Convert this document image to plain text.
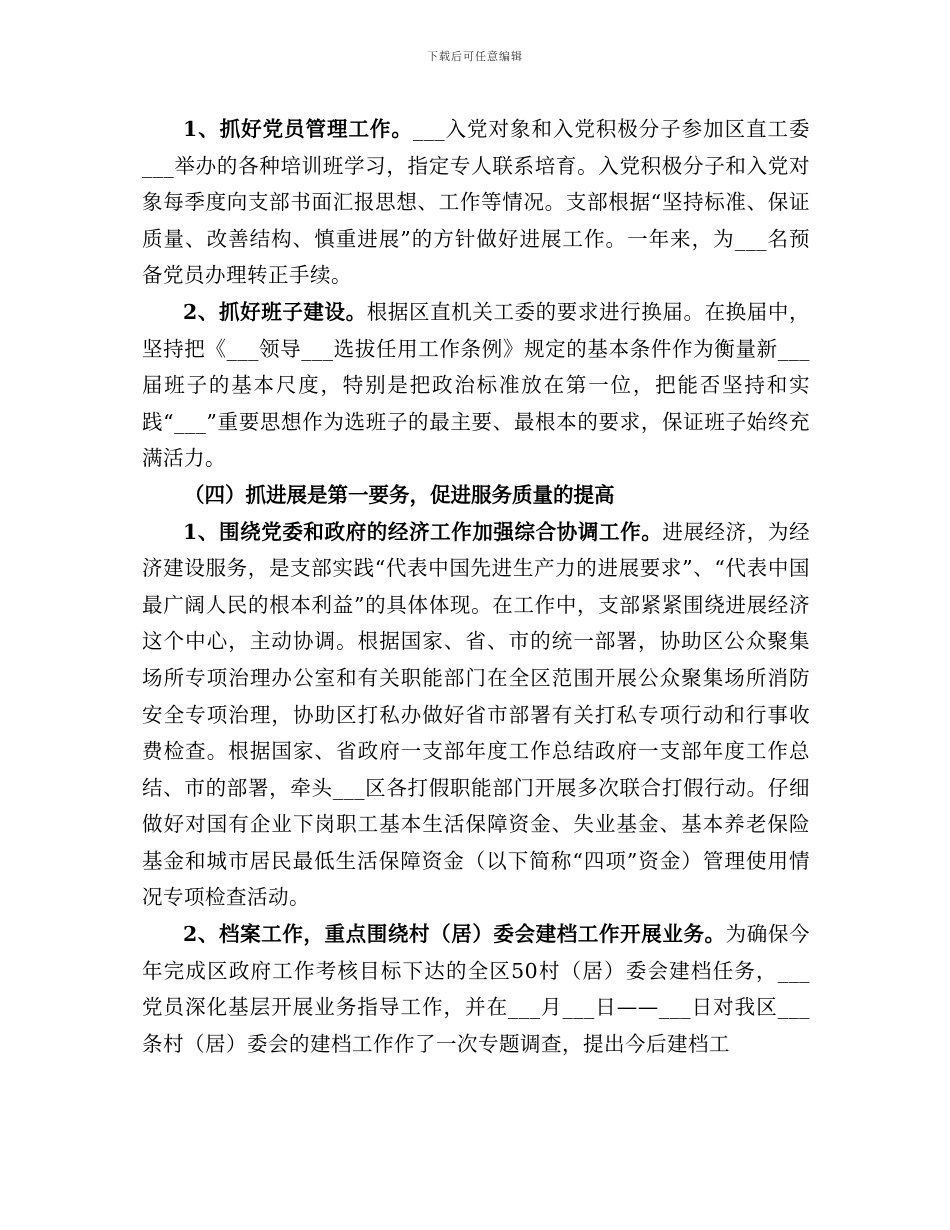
下载后可任意编辑

1、抓好党员管理工作。___入党对象和入党积极分子参加区直工委___举办的各种培训班学习，指定专人联系培育。入党积极分子和入党对象每季度向支部书面汇报思想、工作等情况。支部根据“坚持标准、保证质量、改善结构、慎重进展”的方针做好进展工作。一年来，为___名预备党员办理转正手续。

2、抓好班子建设。根据区直机关工委的要求进行换届。在换届中，坚持把《___领导___选拔任用工作条例》规定的基本条件作为衡量新___届班子的基本尺度，特别是把政治标准放在第一位，把能否坚持和实践“___”重要思想作为选班子的最主要、最根本的要求，保证班子始终充满活力。

（四）抓进展是第一要务，促进服务质量的提高

1、围绕党委和政府的经济工作加强综合协调工作。进展经济，为经济建设服务，是支部实践“代表中国先进生产力的进展要求”、“代表中国最广阔人民的根本利益”的具体体现。在工作中，支部紧紧围绕进展经济这个中心，主动协调。根据国家、省、市的统一部署，协助区公众聚集场所专项治理办公室和有关职能部门在全区范围开展公众聚集场所消防安全专项治理，协助区打私办做好省市部署有关打私专项行动和行事收费检查。根据国家、省政府一支部年度工作总结政府一支部年度工作总结、市的部署，牵头___区各打假职能部门开展多次联合打假行动。仔细做好对国有企业下岗职工基本生活保障资金、失业基金、基本养老保险基金和城市居民最低生活保障资金（以下简称“四项”资金）管理使用情况专项检查活动。

2、档案工作，重点围绕村（居）委会建档工作开展业务。为确保今年完成区政府工作考核目标下达的全区50村（居）委会建档任务，___党员深化基层开展业务指导工作，并在___月___日——___日对我区___条村（居）委会的建档工作作了一次专题调查，提出今后建档工
